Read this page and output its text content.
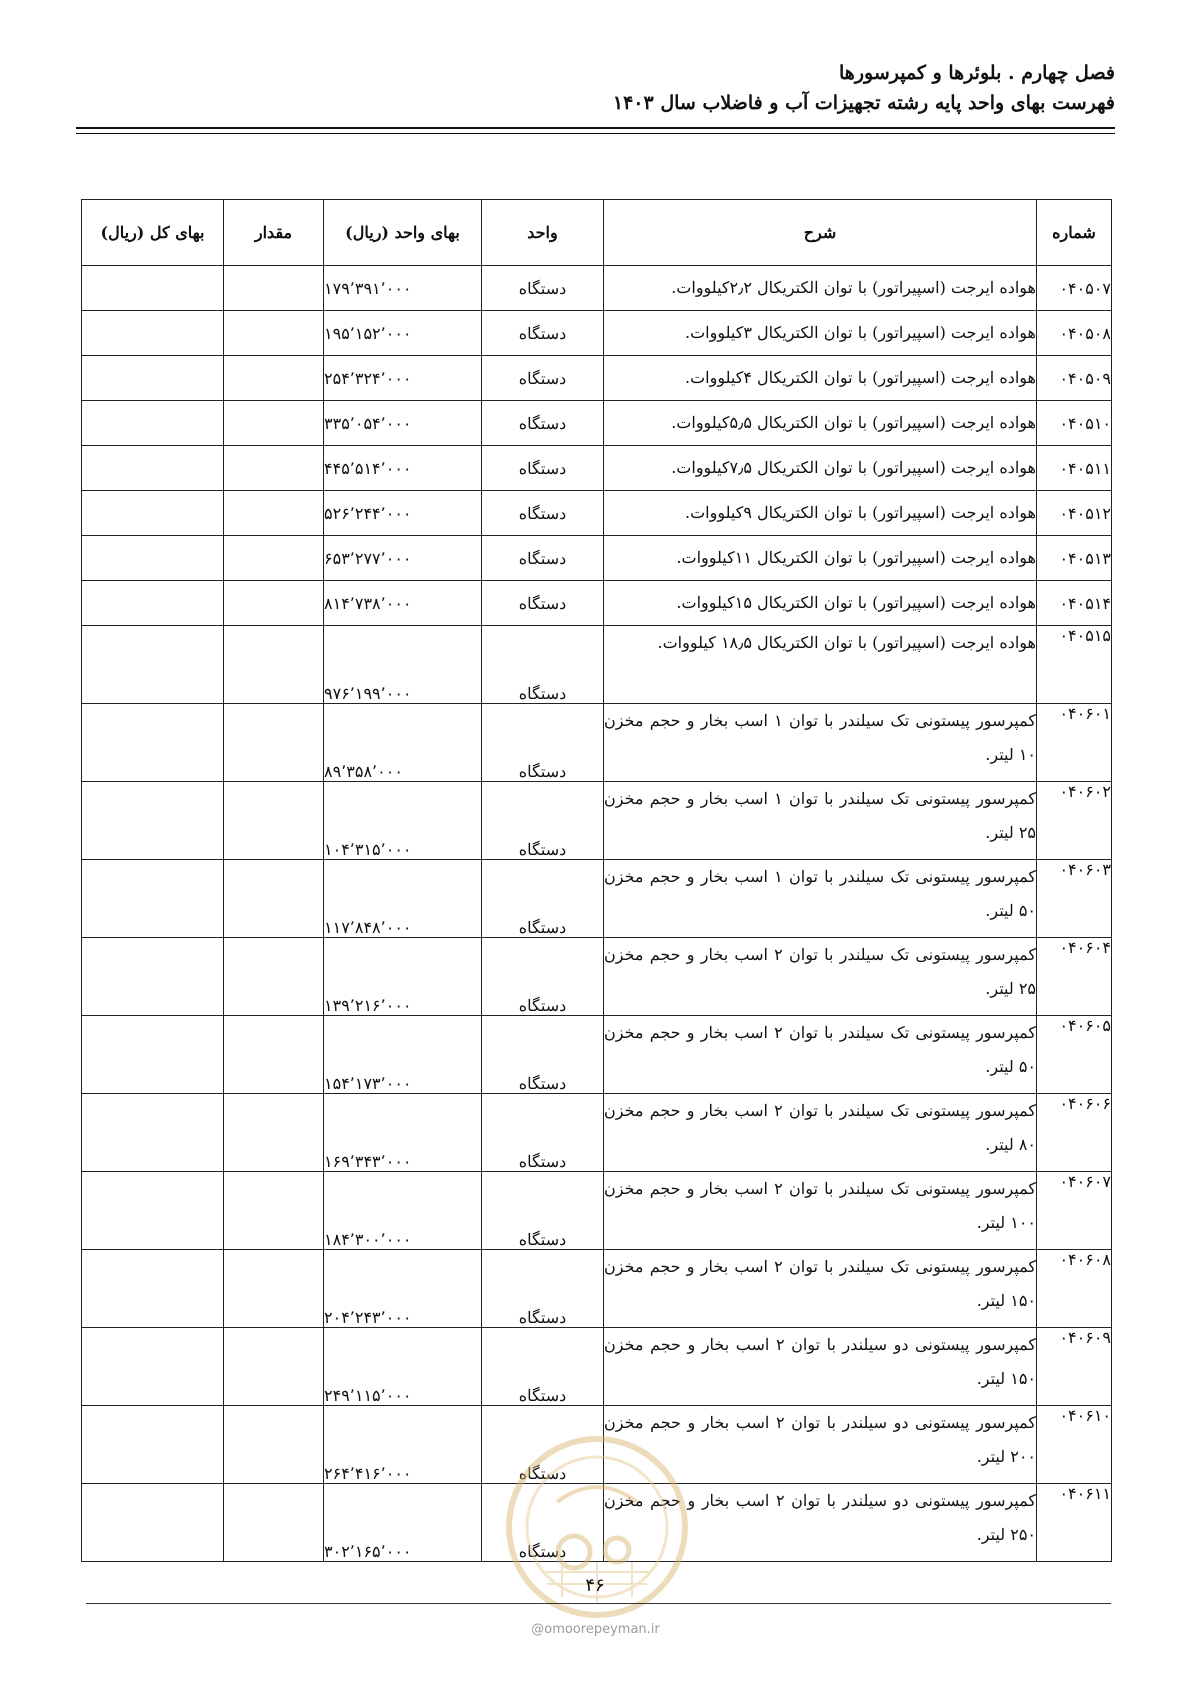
فصل چهارم . بلوئرها و کمپرسورها
فهرست بهای واحد پایه رشته تجهیزات آب و فاضلاب سال ۱۴۰۳
شماره	شرح	واحد	بهای واحد (ریال)	مقدار	بهای کل (ریال)
۰۴۰۵۰۷	هواده ایرجت (اسپیراتور) با توان الکتریکال ۲٫۲کیلووات.	دستگاه	۱۷۹٬۳۹۱٬۰۰۰		
۰۴۰۵۰۸	هواده ایرجت (اسپیراتور) با توان الکتریکال ۳کیلووات.	دستگاه	۱۹۵٬۱۵۲٬۰۰۰		
۰۴۰۵۰۹	هواده ایرجت (اسپیراتور) با توان الکتریکال ۴کیلووات.	دستگاه	۲۵۴٬۳۲۴٬۰۰۰		
۰۴۰۵۱۰	هواده ایرجت (اسپیراتور) با توان الکتریکال ۵٫۵کیلووات.	دستگاه	۳۳۵٬۰۵۴٬۰۰۰		
۰۴۰۵۱۱	هواده ایرجت (اسپیراتور) با توان الکتریکال ۷٫۵کیلووات.	دستگاه	۴۴۵٬۵۱۴٬۰۰۰		
۰۴۰۵۱۲	هواده ایرجت (اسپیراتور) با توان الکتریکال ۹کیلووات.	دستگاه	۵۲۶٬۲۴۴٬۰۰۰		
۰۴۰۵۱۳	هواده ایرجت (اسپیراتور) با توان الکتریکال ۱۱کیلووات.	دستگاه	۶۵۳٬۲۷۷٬۰۰۰		
۰۴۰۵۱۴	هواده ایرجت (اسپیراتور) با توان الکتریکال ۱۵کیلووات.	دستگاه	۸۱۴٬۷۳۸٬۰۰۰		
۰۴۰۵۱۵	هواده ایرجت (اسپیراتور) با توان الکتریکال ۱۸٫۵ کیلووات.	دستگاه	۹۷۶٬۱۹۹٬۰۰۰		
۰۴۰۶۰۱	کمپرسور پیستونی تک سیلندر با توان ۱ اسب بخار و حجم مخزن ۱۰ لیتر.	دستگاه	۸۹٬۳۵۸٬۰۰۰		
۰۴۰۶۰۲	کمپرسور پیستونی تک سیلندر با توان ۱ اسب بخار و حجم مخزن ۲۵ لیتر.	دستگاه	۱۰۴٬۳۱۵٬۰۰۰		
۰۴۰۶۰۳	کمپرسور پیستونی تک سیلندر با توان ۱ اسب بخار و حجم مخزن ۵۰ لیتر.	دستگاه	۱۱۷٬۸۴۸٬۰۰۰		
۰۴۰۶۰۴	کمپرسور پیستونی تک سیلندر با توان ۲ اسب بخار و حجم مخزن ۲۵ لیتر.	دستگاه	۱۳۹٬۲۱۶٬۰۰۰		
۰۴۰۶۰۵	کمپرسور پیستونی تک سیلندر با توان ۲ اسب بخار و حجم مخزن ۵۰ لیتر.	دستگاه	۱۵۴٬۱۷۳٬۰۰۰		
۰۴۰۶۰۶	کمپرسور پیستونی تک سیلندر با توان ۲ اسب بخار و حجم مخزن ۸۰ لیتر.	دستگاه	۱۶۹٬۳۴۳٬۰۰۰		
۰۴۰۶۰۷	کمپرسور پیستونی تک سیلندر با توان ۲ اسب بخار و حجم مخزن ۱۰۰ لیتر.	دستگاه	۱۸۴٬۳۰۰٬۰۰۰		
۰۴۰۶۰۸	کمپرسور پیستونی تک سیلندر با توان ۲ اسب بخار و حجم مخزن ۱۵۰ لیتر.	دستگاه	۲۰۴٬۲۴۳٬۰۰۰		
۰۴۰۶۰۹	کمپرسور پیستونی دو سیلندر با توان ۲ اسب بخار و حجم مخزن ۱۵۰ لیتر.	دستگاه	۲۴۹٬۱۱۵٬۰۰۰		
۰۴۰۶۱۰	کمپرسور پیستونی دو سیلندر با توان ۲ اسب بخار و حجم مخزن ۲۰۰ لیتر.	دستگاه	۲۶۴٬۴۱۶٬۰۰۰		
۰۴۰۶۱۱	کمپرسور پیستونی دو سیلندر با توان ۲ اسب بخار و حجم مخزن ۲۵۰ لیتر.	دستگاه	۳۰۲٬۱۶۵٬۰۰۰		
۴۶
@omoorepeyman.ir
